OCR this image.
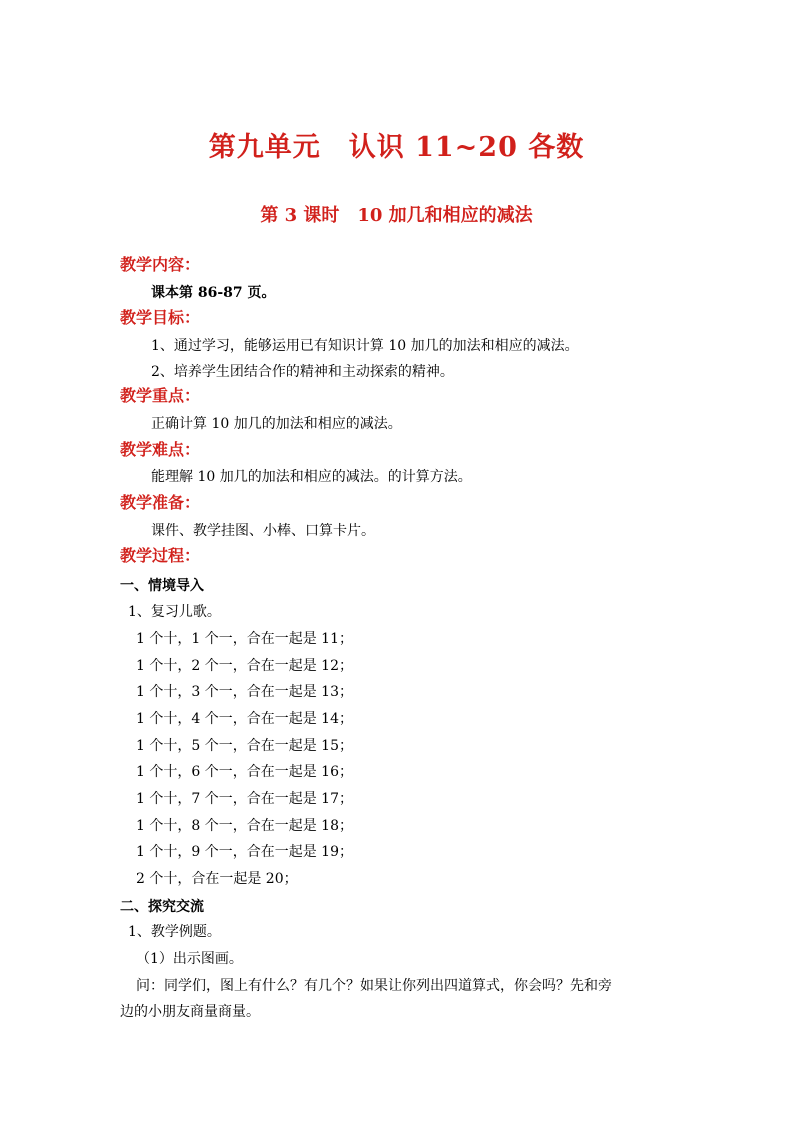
第九单元　认识 11~20 各数
第 3 课时　10 加几和相应的减法
教学内容：
课本第 86-87 页。
教学目标：
1、通过学习，能够运用已有知识计算 10 加几的加法和相应的减法。
2、培养学生团结合作的精神和主动探索的精神。
教学重点：
正确计算 10 加几的加法和相应的减法。
教学难点：
能理解 10 加几的加法和相应的减法。的计算方法。
教学准备：
课件、教学挂图、小棒、口算卡片。
教学过程：
一、情境导入
1、复习儿歌。
1 个十，1 个一，合在一起是 11；
1 个十，2 个一，合在一起是 12；
1 个十，3 个一，合在一起是 13；
1 个十，4 个一，合在一起是 14；
1 个十，5 个一，合在一起是 15；
1 个十，6 个一，合在一起是 16；
1 个十，7 个一，合在一起是 17；
1 个十，8 个一，合在一起是 18；
1 个十，9 个一，合在一起是 19；
2 个十，合在一起是 20；
二、探究交流
1、教学例题。
（1）出示图画。
问：同学们，图上有什么？有几个？如果让你列出四道算式，你会吗？先和旁
边的小朋友商量商量。
